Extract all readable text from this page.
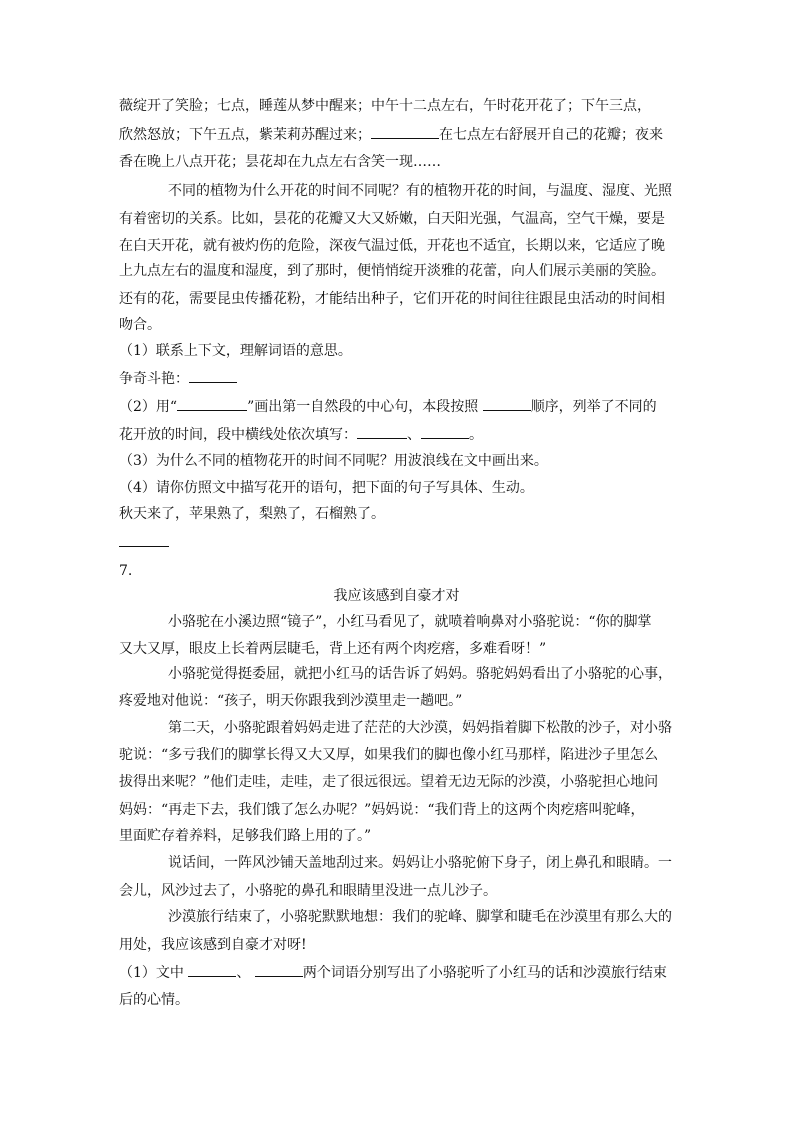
薇绽开了笑脸；七点，睡莲从梦中醒来；中午十二点左右，午时花开花了；下午三点，
欣然怒放；下午五点，紫茉莉苏醒过来；	在七点左右舒展开自己的花瓣；夜来
香在晚上八点开花；昙花却在九点左右含笑一现……
不同的植物为什么开花的时间不同呢？有的植物开花的时间，与温度、湿度、光照
有着密切的关系。比如，昙花的花瓣又大又娇嫩，白天阳光强，气温高，空气干燥，要是
在白天开花，就有被灼伤的危险，深夜气温过低，开花也不适宜，长期以来，它适应了晚
上九点左右的温度和湿度，到了那时，便悄悄绽开淡雅的花蕾，向人们展示美丽的笑脸。
还有的花，需要昆虫传播花粉，才能结出种子，它们开花的时间往往跟昆虫活动的时间相
吻合。
（1）联系上下文，理解词语的意思。
争奇斗艳：
（2）用“	”画出第一自然段的中心句，本段按照	顺序，列举了不同的
花开放的时间，段中横线处依次填写：	、	。
（3）为什么不同的植物花开的时间不同呢？用波浪线在文中画出来。
（4）请你仿照文中描写花开的语句，把下面的句子写具体、生动。
秋天来了，苹果熟了，梨熟了，石榴熟了。
7.
我应该感到自豪才对
小骆驼在小溪边照“镜子”，小红马看见了，就喷着响鼻对小骆驼说：“你的脚掌
又大又厚，眼皮上长着两层睫毛，背上还有两个肉疙瘩，多难看呀！”
小骆驼觉得挺委屈，就把小红马的话告诉了妈妈。骆驼妈妈看出了小骆驼的心事，
疼爱地对他说：“孩子，明天你跟我到沙漠里走一趟吧。”
第二天，小骆驼跟着妈妈走进了茫茫的大沙漠，妈妈指着脚下松散的沙子，对小骆
驼说：“多亏我们的脚掌长得又大又厚，如果我们的脚也像小红马那样，陷进沙子里怎么
拔得出来呢？”他们走哇，走哇，走了很远很远。望着无边无际的沙漠，小骆驼担心地问
妈妈：“再走下去，我们饿了怎么办呢？”妈妈说：“我们背上的这两个肉疙瘩叫驼峰，
里面贮存着养料，足够我们路上用的了。”
说话间，一阵风沙铺天盖地刮过来。妈妈让小骆驼俯下身子，闭上鼻孔和眼睛。一
会儿，风沙过去了，小骆驼的鼻孔和眼睛里没进一点儿沙子。
沙漠旅行结束了，小骆驼默默地想：我们的驼峰、脚掌和睫毛在沙漠里有那么大的
用处，我应该感到自豪才对呀!
（1）文中	、	两个词语分别写出了小骆驼听了小红马的话和沙漠旅行结束
后的心情。
